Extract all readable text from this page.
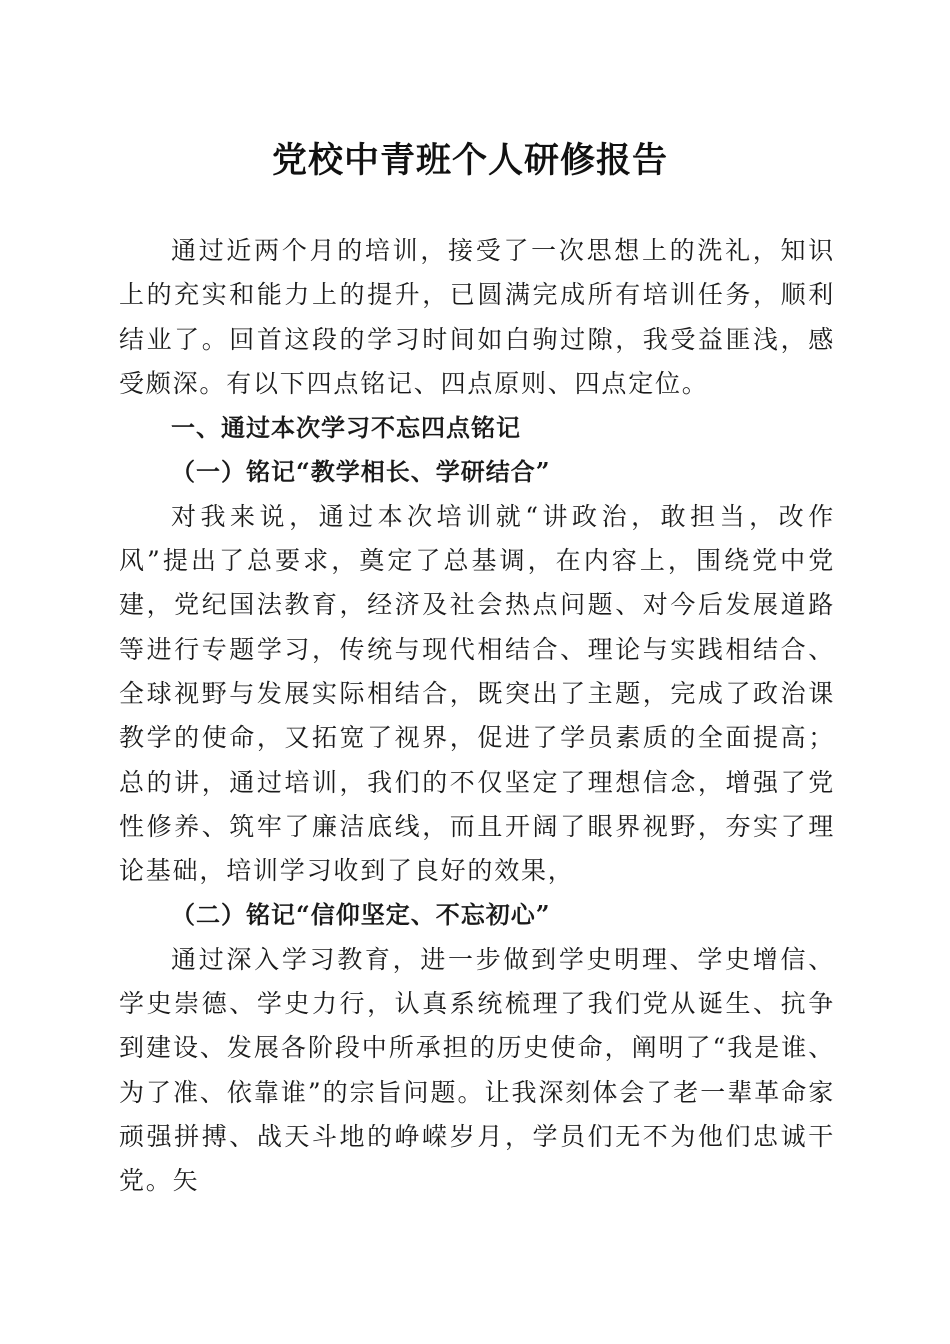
党校中青班个人研修报告

通过近两个月的培训，接受了一次思想上的洗礼，知识上的充实和能力上的提升，已圆满完成所有培训任务，顺利结业了。回首这段的学习时间如白驹过隙，我受益匪浅，感受颇深。有以下四点铭记、四点原则、四点定位。

一、通过本次学习不忘四点铭记

（一）铭记“教学相长、学研结合”

对我来说，通过本次培训就“讲政治，敢担当，改作风”提出了总要求，奠定了总基调，在内容上，围绕党中党建，党纪国法教育，经济及社会热点问题、对今后发展道路等进行专题学习，传统与现代相结合、理论与实践相结合、全球视野与发展实际相结合，既突出了主题，完成了政治课教学的使命，又拓宽了视界，促进了学员素质的全面提高；总的讲，通过培训，我们的不仅坚定了理想信念，增强了党性修养、筑牢了廉洁底线，而且开阔了眼界视野，夯实了理论基础，培训学习收到了良好的效果，

（二）铭记“信仰坚定、不忘初心”

通过深入学习教育，进一步做到学史明理、学史增信、学史崇德、学史力行，认真系统梳理了我们党从诞生、抗争到建设、发展各阶段中所承担的历史使命，阐明了“我是谁、为了准、依靠谁”的宗旨问题。让我深刻体会了老一辈革命家顽强拼搏、战天斗地的峥嵘岁月，学员们无不为他们忠诚干党。矢
